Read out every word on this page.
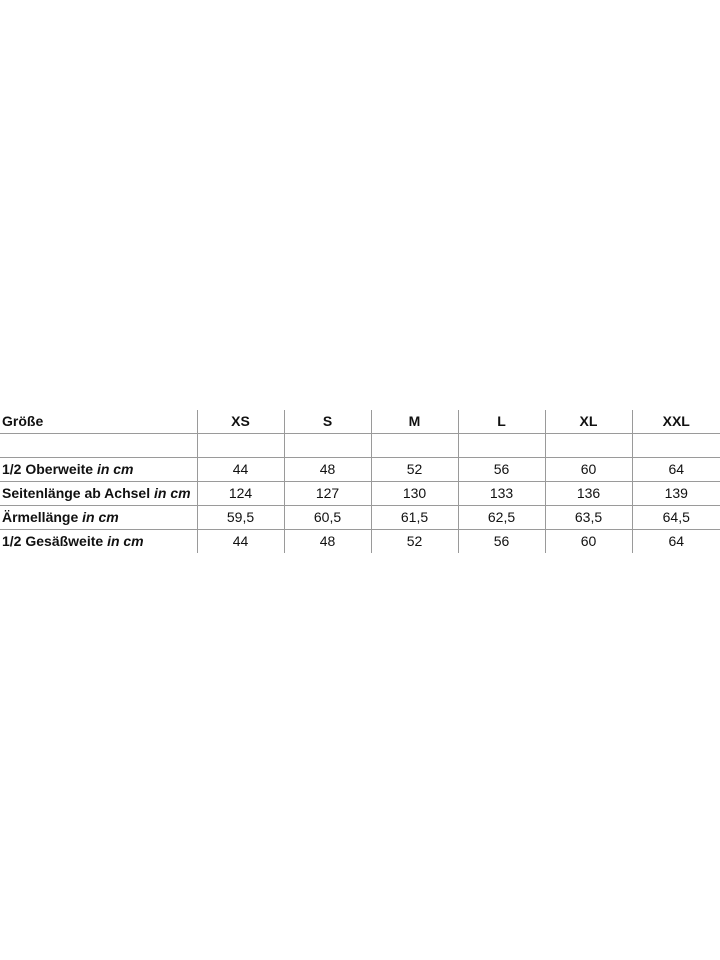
Größe	XS	S	M	L	XL	XXL

1/2 Oberweite in cm	44	48	52	56	60	64
Seitenlänge ab Achsel in cm	124	127	130	133	136	139
Ärmellänge in cm	59,5	60,5	61,5	62,5	63,5	64,5
1/2 Gesäßweite in cm	44	48	52	56	60	64
